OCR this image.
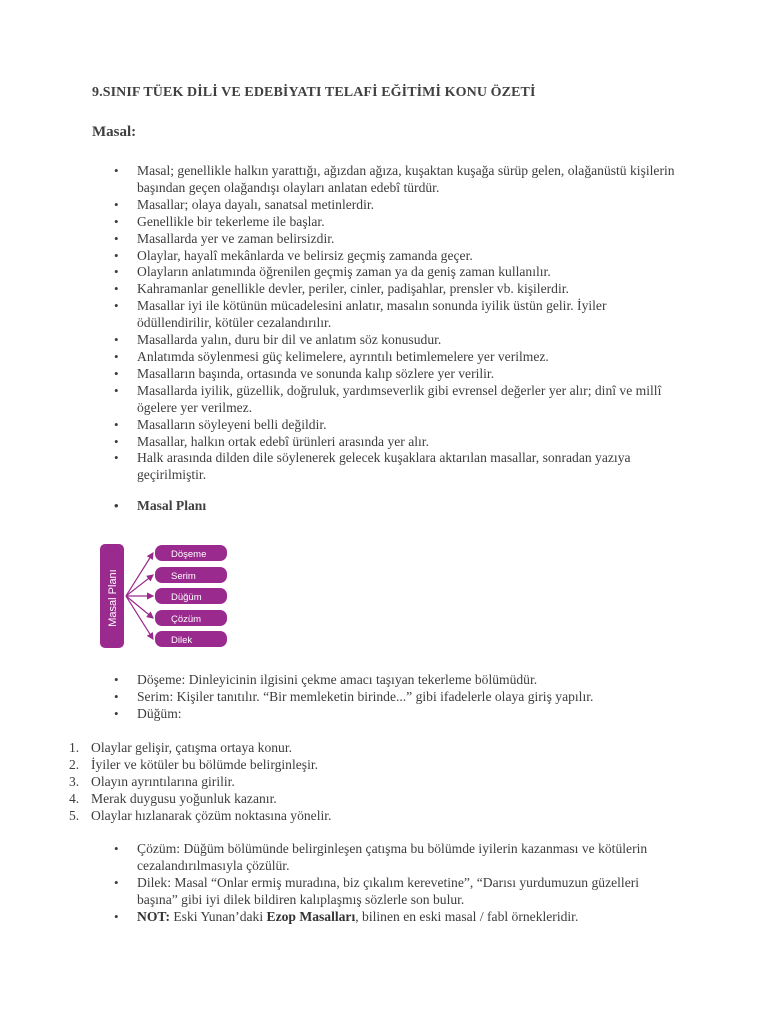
9.SINIF TÜEK DİLİ VE EDEBİYATI TELAFİ EĞİTİMİ KONU ÖZETİ
Masal:
• Masal; genellikle halkın yarattığı, ağızdan ağıza, kuşaktan kuşağa sürüp gelen, olağanüstü kişilerin başından geçen olağandışı olayları anlatan edebî türdür.
• Masallar; olaya dayalı, sanatsal metinlerdir.
• Genellikle bir tekerleme ile başlar.
• Masallarda yer ve zaman belirsizdir.
• Olaylar, hayalî mekânlarda ve belirsiz geçmiş zamanda geçer.
• Olayların anlatımında öğrenilen geçmiş zaman ya da geniş zaman kullanılır.
• Kahramanlar genellikle devler, periler, cinler, padişahlar, prensler vb. kişilerdir.
• Masallar iyi ile kötünün mücadelesini anlatır, masalın sonunda iyilik üstün gelir. İyiler ödüllendirilir, kötüler cezalandırılır.
• Masallarda yalın, duru bir dil ve anlatım söz konusudur.
• Anlatımda söylenmesi güç kelimelere, ayrıntılı betimlemelere yer verilmez.
• Masalların başında, ortasında ve sonunda kalıp sözlere yer verilir.
• Masallarda iyilik, güzellik, doğruluk, yardımseverlik gibi evrensel değerler yer alır; dinî ve millî ögelere yer verilmez.
• Masalların söyleyeni belli değildir.
• Masallar, halkın ortak edebî ürünleri arasında yer alır.
• Halk arasında dilden dile söylenerek gelecek kuşaklara aktarılan masallar, sonradan yazıya geçirilmiştir.
• Masal Planı
Masal Planı
Döşeme
Serim
Düğüm
Çözüm
Dilek
• Döşeme: Dinleyicinin ilgisini çekme amacı taşıyan tekerleme bölümüdür.
• Serim: Kişiler tanıtılır. “Bir memleketin birinde...” gibi ifadelerle olaya giriş yapılır.
• Düğüm:
1. Olaylar gelişir, çatışma ortaya konur.
2. İyiler ve kötüler bu bölümde belirginleşir.
3. Olayın ayrıntılarına girilir.
4. Merak duygusu yoğunluk kazanır.
5. Olaylar hızlanarak çözüm noktasına yönelir.
• Çözüm: Düğüm bölümünde belirginleşen çatışma bu bölümde iyilerin kazanması ve kötülerin cezalandırılmasıyla çözülür.
• Dilek: Masal “Onlar ermiş muradına, biz çıkalım kerevetine”, “Darısı yurdumuzun güzelleri başına” gibi iyi dilek bildiren kalıplaşmış sözlerle son bulur.
• NOT: Eski Yunan’daki Ezop Masalları, bilinen en eski masal / fabl örnekleridir.
